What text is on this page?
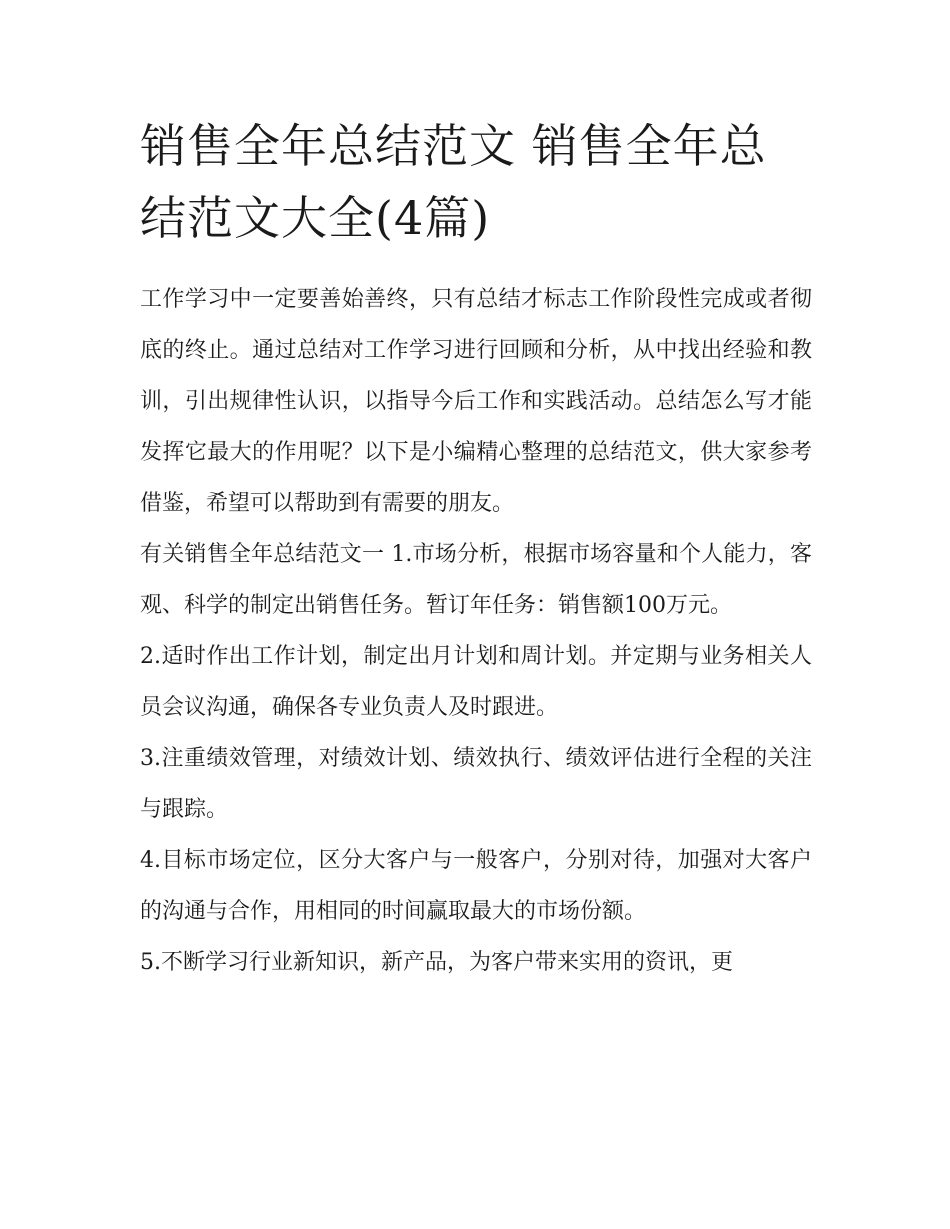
销售全年总结范文 销售全年总结范文大全(4篇)

工作学习中一定要善始善终，只有总结才标志工作阶段性完成或者彻底的终止。通过总结对工作学习进行回顾和分析，从中找出经验和教训，引出规律性认识，以指导今后工作和实践活动。总结怎么写才能发挥它最大的作用呢？以下是小编精心整理的总结范文，供大家参考借鉴，希望可以帮助到有需要的朋友。

有关销售全年总结范文一 1.市场分析，根据市场容量和个人能力，客观、科学的制定出销售任务。暂订年任务：销售额100万元。

2.适时作出工作计划，制定出月计划和周计划。并定期与业务相关人员会议沟通，确保各专业负责人及时跟进。

3.注重绩效管理，对绩效计划、绩效执行、绩效评估进行全程的关注与跟踪。

4.目标市场定位，区分大客户与一般客户，分别对待，加强对大客户的沟通与合作，用相同的时间赢取最大的市场份额。

5.不断学习行业新知识，新产品，为客户带来实用的资讯，更
